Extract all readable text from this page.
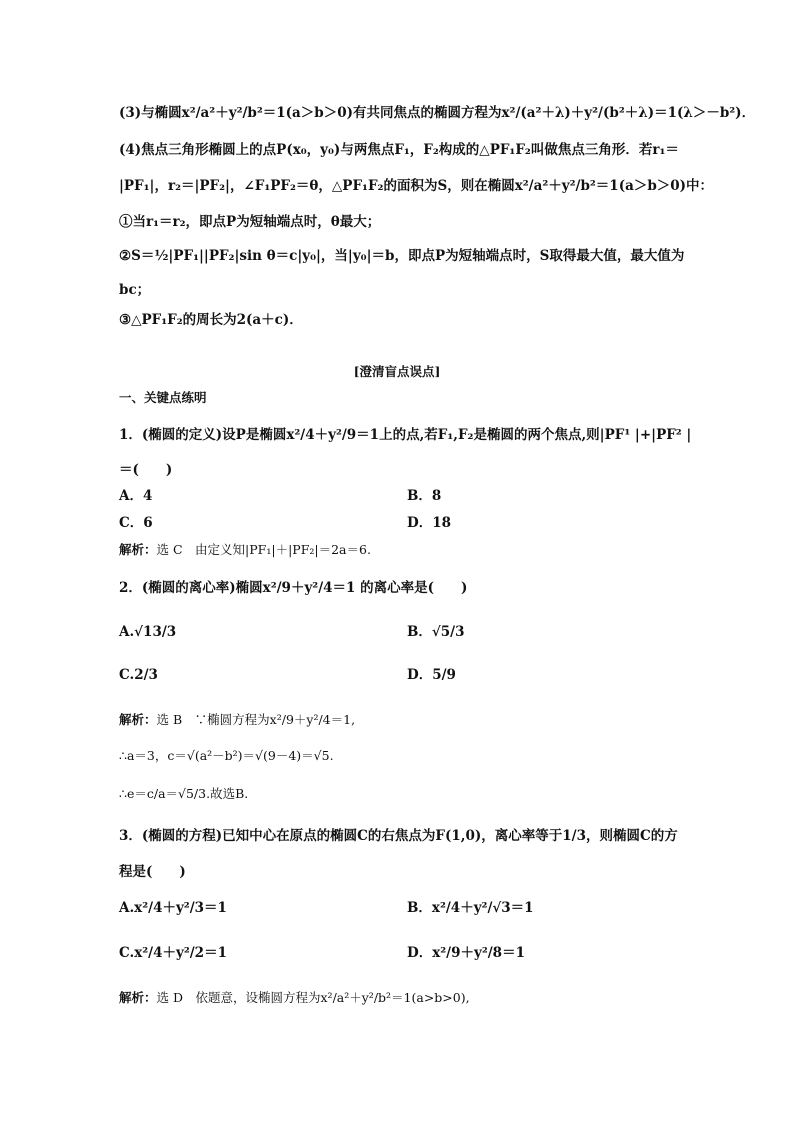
(3)与椭圆x²/a²＋y²/b²＝1(a＞b＞0)有共同焦点的椭圆方程为x²/(a²＋λ)＋y²/(b²＋λ)＝1(λ＞－b²)．
(4)焦点三角形椭圆上的点P(x₀，y₀)与两焦点F₁，F₂构成的△PF₁F₂叫做焦点三角形．若r₁＝
|PF₁|，r₂＝|PF₂|，∠F₁PF₂＝θ，△PF₁F₂的面积为S，则在椭圆x²/a²＋y²/b²＝1(a＞b＞0)中：
①当r₁＝r₂，即点P为短轴端点时，θ最大；
②S＝½|PF₁||PF₂|sin θ＝c|y₀|，当|y₀|＝b，即点P为短轴端点时，S取得最大值，最大值为
bc；
③△PF₁F₂的周长为2(a＋c)．
[澄清盲点误点]
一、关键点练明
1．(椭圆的定义)设P是椭圆x²/4＋y²/9＝1上的点,若F₁,F₂是椭圆的两个焦点,则|PF¹ |+|PF² |
＝(　　)
A．4	B．8
C．6	D．18
解析：选 C　由定义知|PF₁|＋|PF₂|＝2a＝6.
2．(椭圆的离心率)椭圆x²/9＋y²/4＝1 的离心率是(　　)
A.√13/3	B．√5/3
C.2/3	D．5/9
解析：选 B　∵椭圆方程为x²/9＋y²/4＝1,
∴a＝3，c＝√(a²－b²)＝√(9－4)＝√5.
∴e＝c/a＝√5/3.故选B.
3．(椭圆的方程)已知中心在原点的椭圆C的右焦点为F(1,0)，离心率等于1/3，则椭圆C的方
程是(　　)
A.x²/4＋y²/3＝1	B．x²/4＋y²/√3＝1
C.x²/4＋y²/2＝1	D．x²/9＋y²/8＝1
解析：选 D　依题意，设椭圆方程为x²/a²＋y²/b²＝1(a>b>0),
